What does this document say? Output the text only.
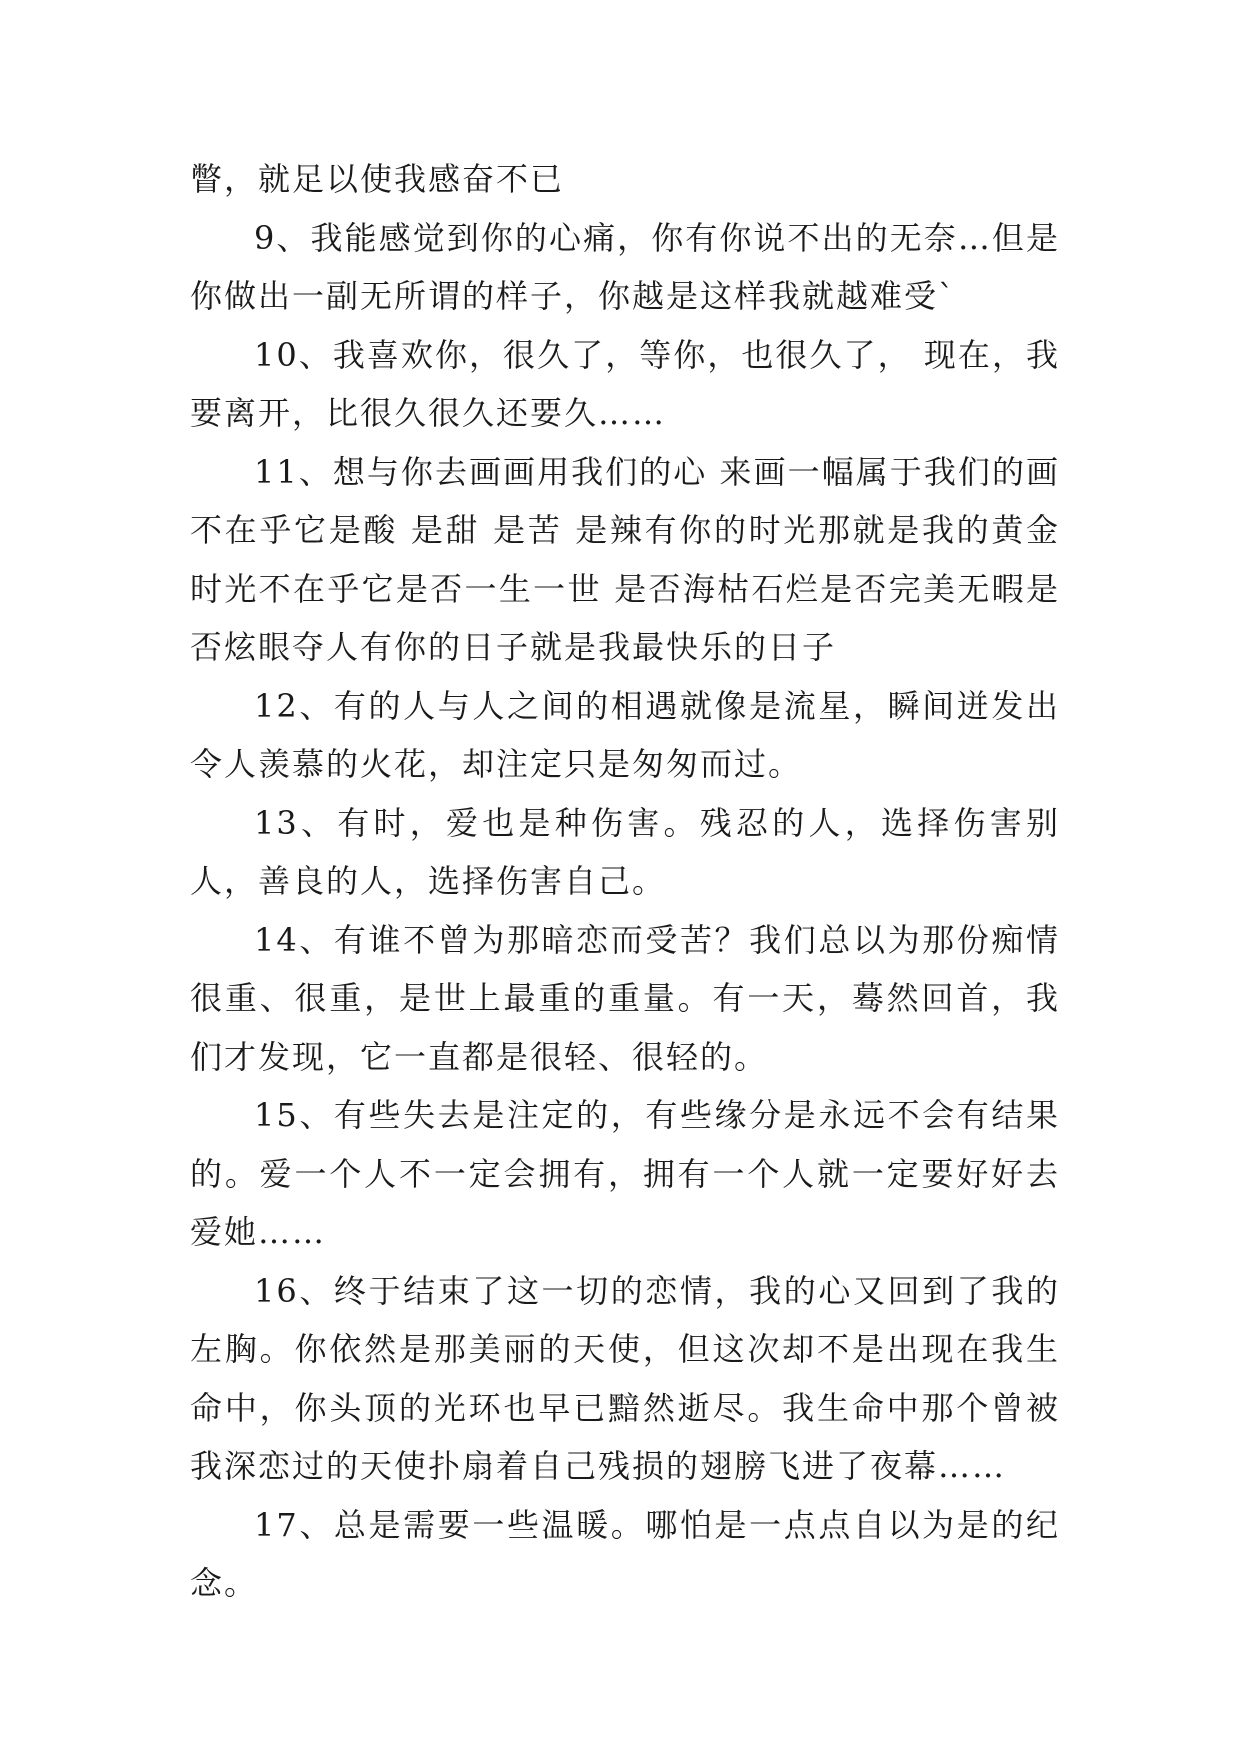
瞥，就足以使我感奋不已

9、我能感觉到你的心痛，你有你说不出的无奈…但是你做出一副无所谓的样子，你越是这样我就越难受`

10、我喜欢你，很久了，等你，也很久了， 现在，我要离开，比很久很久还要久……

11、想与你去画画用我们的心 来画一幅属于我们的画 不在乎它是酸 是甜 是苦 是辣有你的时光那就是我的黄金时光不在乎它是否一生一世 是否海枯石烂是否完美无暇是否炫眼夺人有你的日子就是我最快乐的日子

12、有的人与人之间的相遇就像是流星，瞬间迸发出令人羡慕的火花，却注定只是匆匆而过。

13、有时，爱也是种伤害。残忍的人，选择伤害别人，善良的人，选择伤害自己。

14、有谁不曾为那暗恋而受苦？我们总以为那份痴情很重、很重，是世上最重的重量。有一天，蓦然回首，我们才发现，它一直都是很轻、很轻的。

15、有些失去是注定的，有些缘分是永远不会有结果的。爱一个人不一定会拥有，拥有一个人就一定要好好去爱她……

16、终于结束了这一切的恋情，我的心又回到了我的左胸。你依然是那美丽的天使，但这次却不是出现在我生命中，你头顶的光环也早已黯然逝尽。我生命中那个曾被我深恋过的天使扑扇着自己残损的翅膀飞进了夜幕……

17、总是需要一些温暖。哪怕是一点点自以为是的纪念。
